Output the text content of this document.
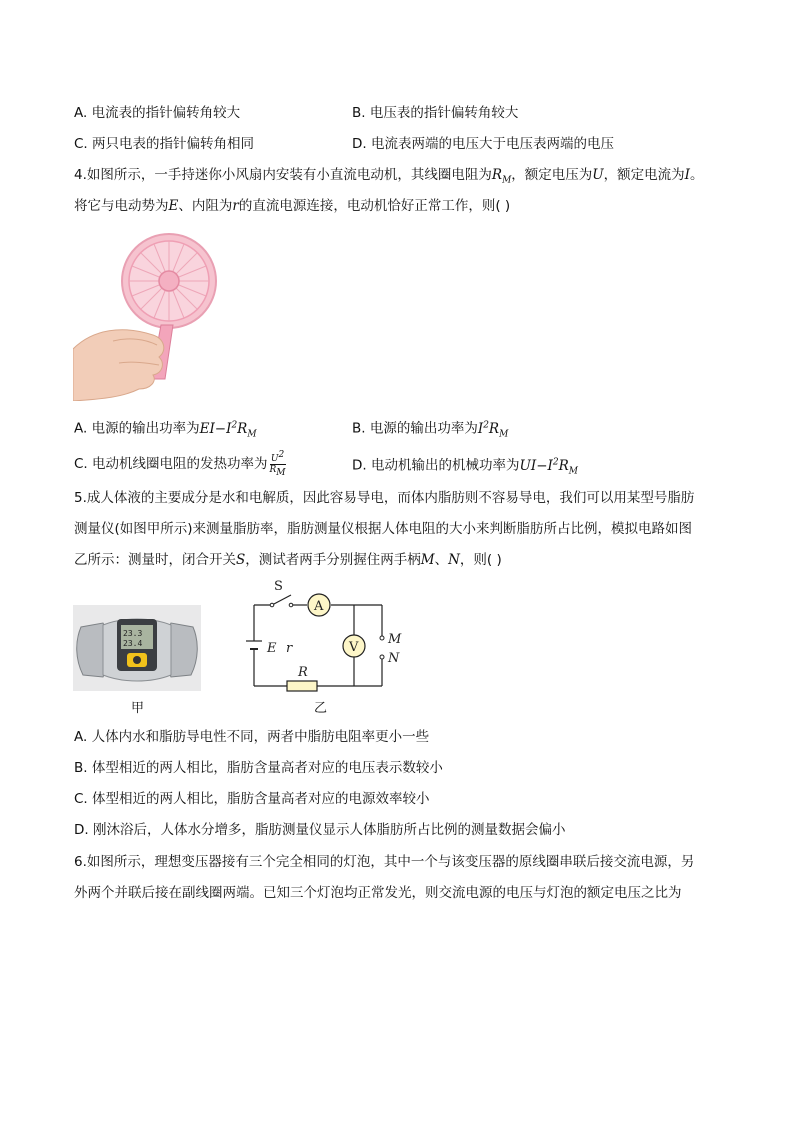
A. 电流表的指针偏转角较大	B. 电压表的指针偏转角较大
C. 两只电表的指针偏转角相同	D. 电流表两端的电压大于电压表两端的电压
4.如图所示，一手持迷你小风扇内安装有小直流电动机，其线圈电阻为$R_M$，额定电压为U，额定电流为I。
将它与电动势为E、内阻为r的直流电源连接，电动机恰好正常工作，则( )
A. 电源的输出功率为$EI-I^2R_M$	B. 电源的输出功率为$I^2R_M$
C. 电动机线圈电阻的发热功率为 $\frac{U^2}{R_M}$	D. 电动机输出的机械功率为$UI-I^2R_M$
5.成人体液的主要成分是水和电解质，因此容易导电，而体内脂肪则不容易导电，我们可以用某型号脂肪
测量仪(如图甲所示)来测量脂肪率，脂肪测量仪根据人体电阻的大小来判断脂肪所占比例，模拟电路如图
乙所示：测量时，闭合开关S，测试者两手分别握住两手柄M、N，则( )
23.3
23.4
甲
A
V
R
M
N
S
E r
乙
A. 人体内水和脂肪导电性不同，两者中脂肪电阻率更小一些
B. 体型相近的两人相比，脂肪含量高者对应的电压表示数较小
C. 体型相近的两人相比，脂肪含量高者对应的电源效率较小
D. 刚沐浴后，人体水分增多，脂肪测量仪显示人体脂肪所占比例的测量数据会偏小
6.如图所示，理想变压器接有三个完全相同的灯泡，其中一个与该变压器的原线圈串联后接交流电源，另
外两个并联后接在副线圈两端。已知三个灯泡均正常发光，则交流电源的电压与灯泡的额定电压之比为
